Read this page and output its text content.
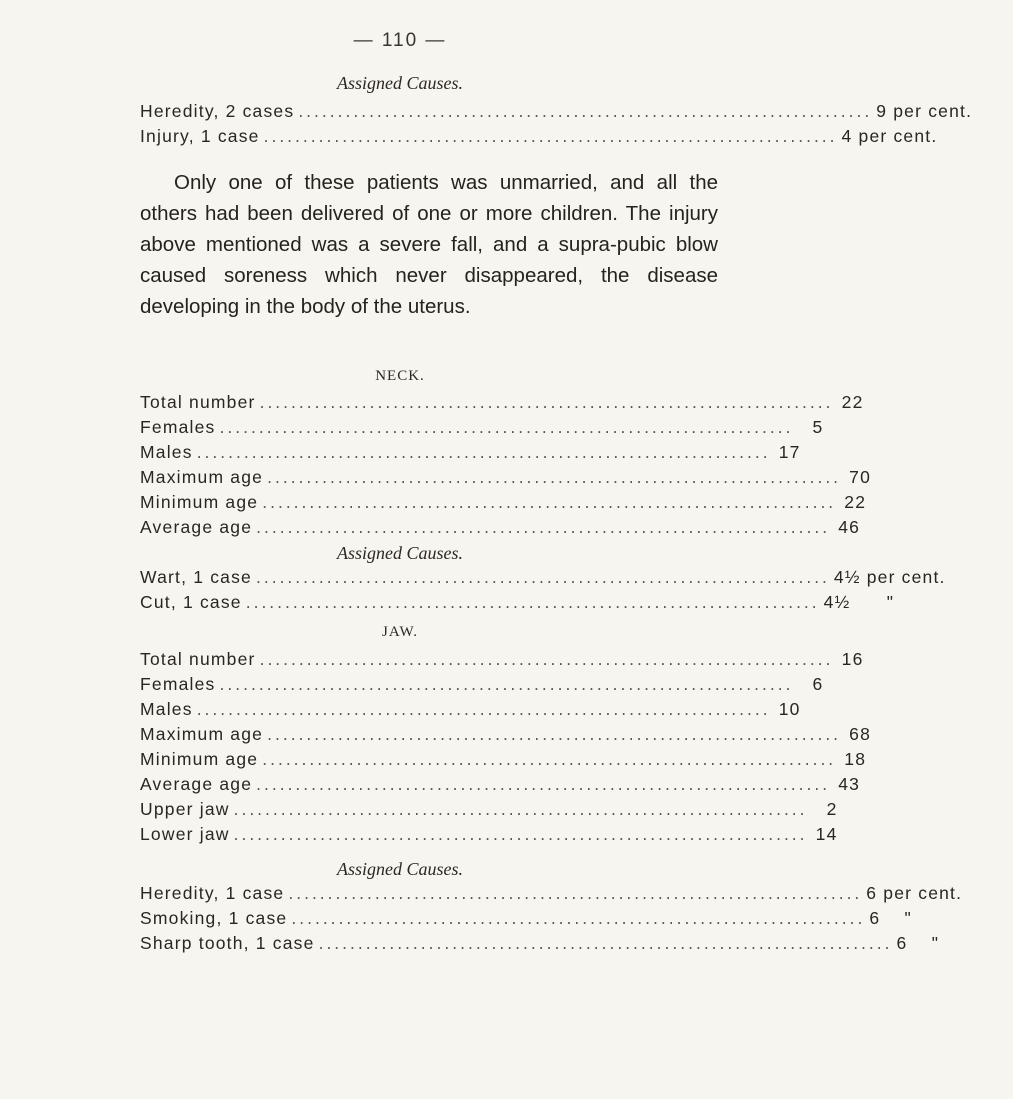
— 110 —
Assigned Causes.
Heredity, 2 cases ......................................................................... 9 per cent.
Injury, 1 case ......................................................................... 4 per cent.
Only one of these patients was unmarried, and all the others had been delivered of one or more children. The injury above mentioned was a severe fall, and a supra-pubic blow caused soreness which never disappeared, the disease developing in the body of the uterus.
NECK.
Total number ......................................................................... 22
Females .........................................................................	5
Males ......................................................................... 17
Maximum age ......................................................................... 70
Minimum age ......................................................................... 22
Average age ......................................................................... 46
Assigned Causes.
Wart, 1 case ......................................................................... 4½ per cent.
Cut, 1 case ......................................................................... 4½      "
JAW.
Total number ......................................................................... 16
Females .........................................................................	6
Males ......................................................................... 10
Maximum age ......................................................................... 68
Minimum age ......................................................................... 18
Average age ......................................................................... 43
Upper jaw .........................................................................	2
Lower jaw ......................................................................... 14
Assigned Causes.
Heredity, 1 case ......................................................................... 6 per cent.
Smoking, 1 case ......................................................................... 6    "
Sharp tooth, 1 case ......................................................................... 6    "
